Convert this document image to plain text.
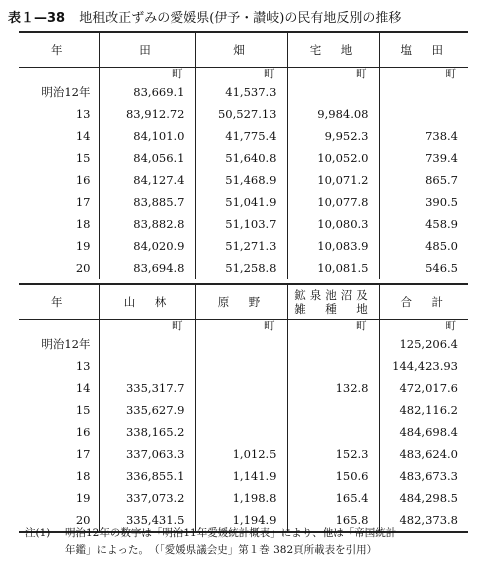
表１—38 地租改正ずみの愛媛県(伊予・讃岐)の民有地反別の推移
年	田	畑	宅　地	塩　田
	町	町	町	町
明治12年	83,669.1	41,537.3		
13	83,912.72	50,527.13	9,984.08	
14	84,101.0	41,775.4	9,952.3	738.4
15	84,056.1	51,640.8	10,052.0	739.4
16	84,127.4	51,468.9	10,071.2	865.7
17	83,885.7	51,041.9	10,077.8	390.5
18	83,882.8	51,103.7	10,080.3	458.9
19	84,020.9	51,271.3	10,083.9	485.0
20	83,694.8	51,258.8	10,081.5	546.5
年	山　林	原　野	鉱泉池沼及
雑　種　地	合　計
	町	町	町	町
明治12年				125,206.4
13				144,423.93
14	335,317.7		132.8	472,017.6
15	335,627.9			482,116.2
16	338,165.2			484,698.4
17	337,063.3	1,012.5	152.3	483,624.0
18	336,855.1	1,141.9	150.6	483,673.3
19	337,073.2	1,198.8	165.4	484,298.5
20	335,431.5	1,194.9	165.8	482,373.8
注(1) 明治12年の数字は「明治11年愛媛統計概表」により、他は「帝国統計
年鑑」によった。　（「愛媛県議会史」第１巻 382頁所載表を引用）
